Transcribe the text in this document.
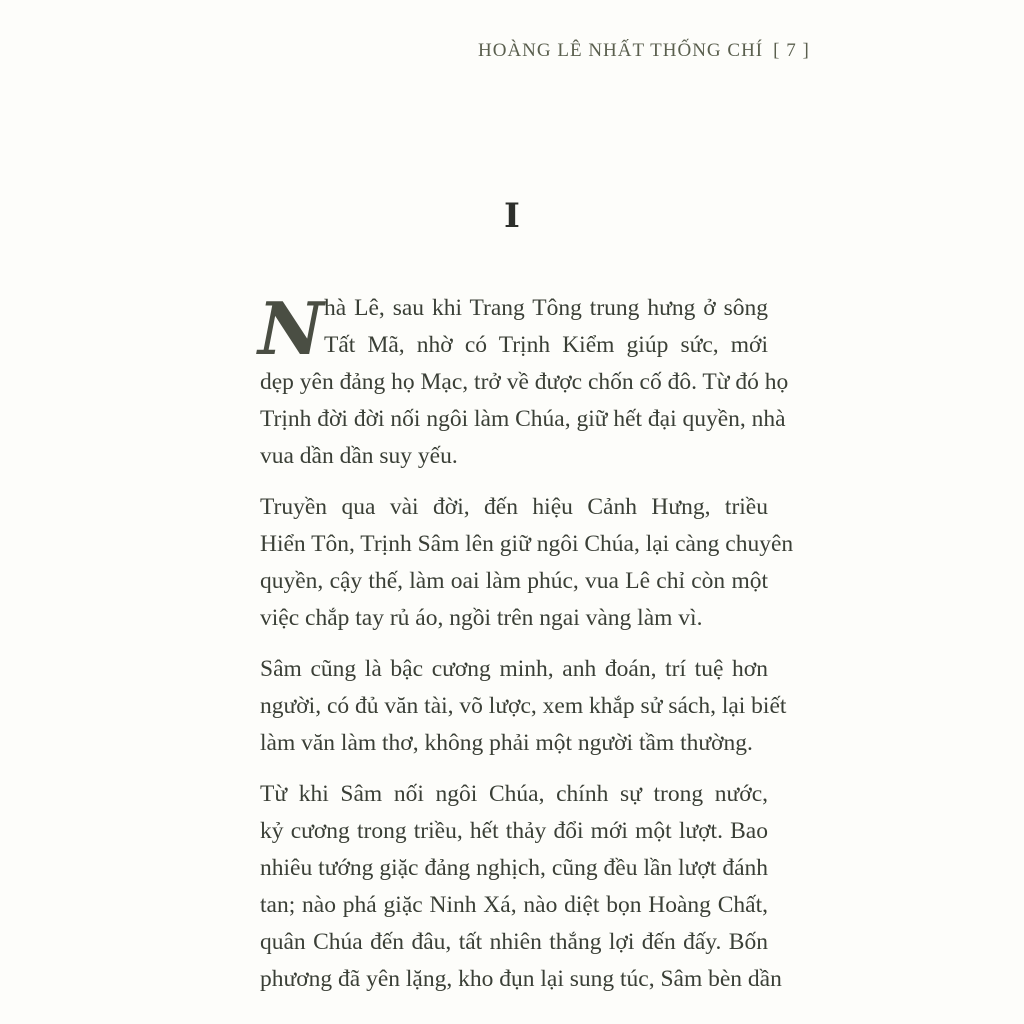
HOÀNG LÊ NHẤT THỐNG CHÍ [ 7 ]
I

N hà Lê, sau khi Trang Tông trung hưng ở sông
Tất Mã, nhờ có Trịnh Kiểm giúp sức, mới
dẹp yên đảng họ Mạc, trở về được chốn cố đô. Từ đó họ
Trịnh đời đời nối ngôi làm Chúa, giữ hết đại quyền, nhà
vua dần dần suy yếu.

Truyền qua vài đời, đến hiệu Cảnh Hưng, triều
Hiển Tôn, Trịnh Sâm lên giữ ngôi Chúa, lại càng chuyên
quyền, cậy thế, làm oai làm phúc, vua Lê chỉ còn một
việc chắp tay rủ áo, ngồi trên ngai vàng làm vì.

Sâm cũng là bậc cương minh, anh đoán, trí tuệ hơn
người, có đủ văn tài, võ lược, xem khắp sử sách, lại biết
làm văn làm thơ, không phải một người tầm thường.

Từ khi Sâm nối ngôi Chúa, chính sự trong nước,
kỷ cương trong triều, hết thảy đổi mới một lượt. Bao
nhiêu tướng giặc đảng nghịch, cũng đều lần lượt đánh
tan; nào phá giặc Ninh Xá, nào diệt bọn Hoàng Chất,
quân Chúa đến đâu, tất nhiên thắng lợi đến đấy. Bốn
phương đã yên lặng, kho đụn lại sung túc, Sâm bèn dần
